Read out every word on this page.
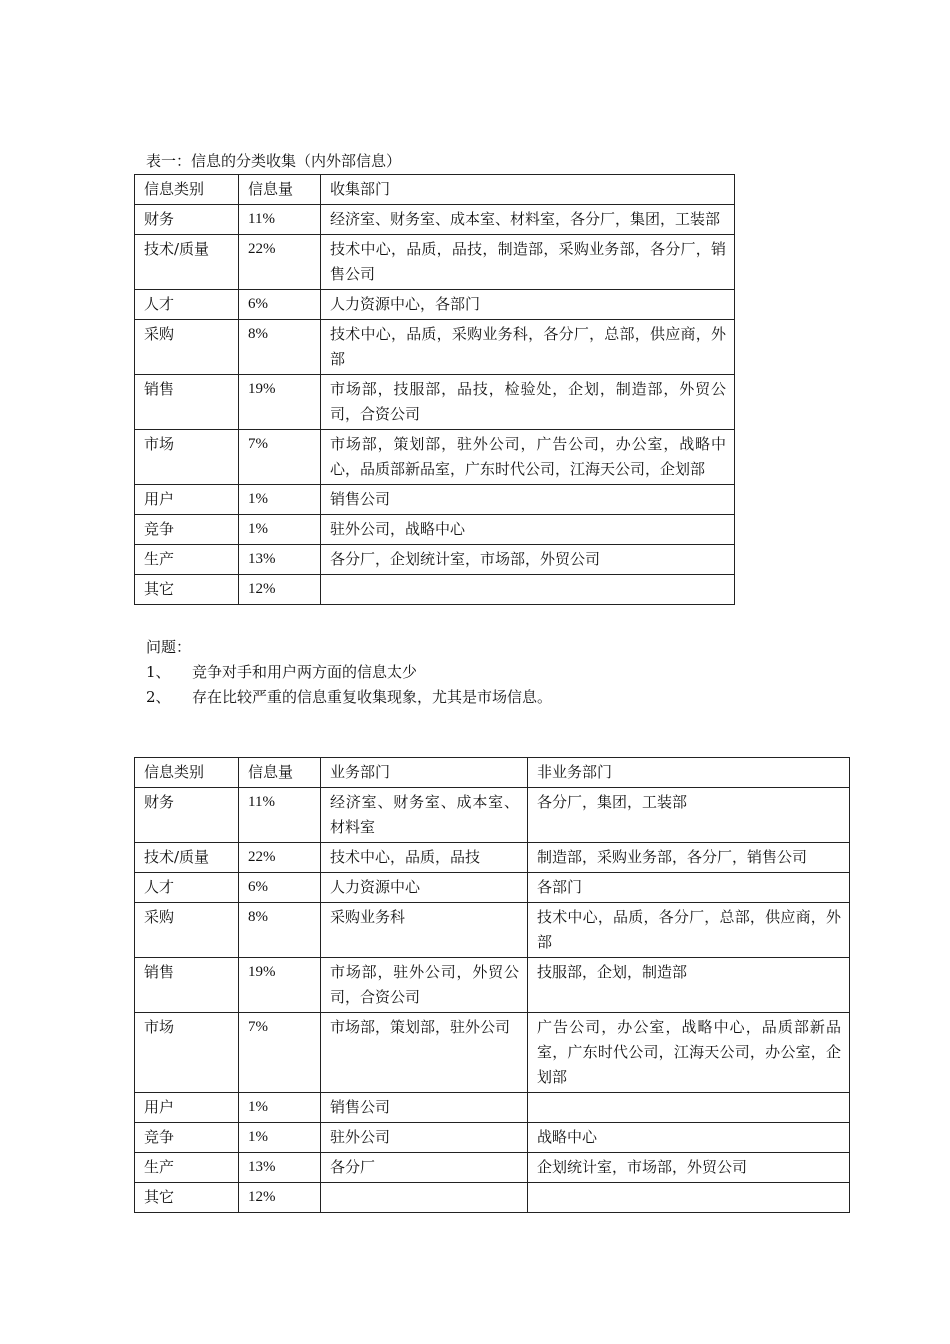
表一：信息的分类收集（内外部信息）
信息类别	信息量	收集部门
财务	11%	经济室、财务室、成本室、材料室，各分厂，集团，工装部
技术/质量	22%	技术中心，品质，品技，制造部，采购业务部，各分厂，销售公司
人才	6%	人力资源中心，各部门
采购	8%	技术中心，品质，采购业务科，各分厂，总部，供应商，外部
销售	19%	市场部，技服部，品技，检验处，企划，制造部，外贸公司，合资公司
市场	7%	市场部，策划部，驻外公司，广告公司，办公室，战略中心，品质部新品室，广东时代公司，江海天公司，企划部
用户	1%	销售公司
竞争	1%	驻外公司，战略中心
生产	13%	各分厂，企划统计室，市场部，外贸公司
其它	12%	
问题：
1、 竞争对手和用户两方面的信息太少
2、 存在比较严重的信息重复收集现象，尤其是市场信息。
信息类别	信息量	业务部门	非业务部门
财务	11%	经济室、财务室、成本室、材料室	各分厂，集团，工装部
技术/质量	22%	技术中心，品质，品技	制造部，采购业务部，各分厂，销售公司
人才	6%	人力资源中心	各部门
采购	8%	采购业务科	技术中心，品质，各分厂，总部，供应商，外部
销售	19%	市场部，驻外公司，外贸公司，合资公司	技服部，企划，制造部
市场	7%	市场部，策划部，驻外公司	广告公司，办公室，战略中心，品质部新品室，广东时代公司，江海天公司，办公室，企划部
用户	1%	销售公司	
竞争	1%	驻外公司	战略中心
生产	13%	各分厂	企划统计室，市场部，外贸公司
其它	12%		
